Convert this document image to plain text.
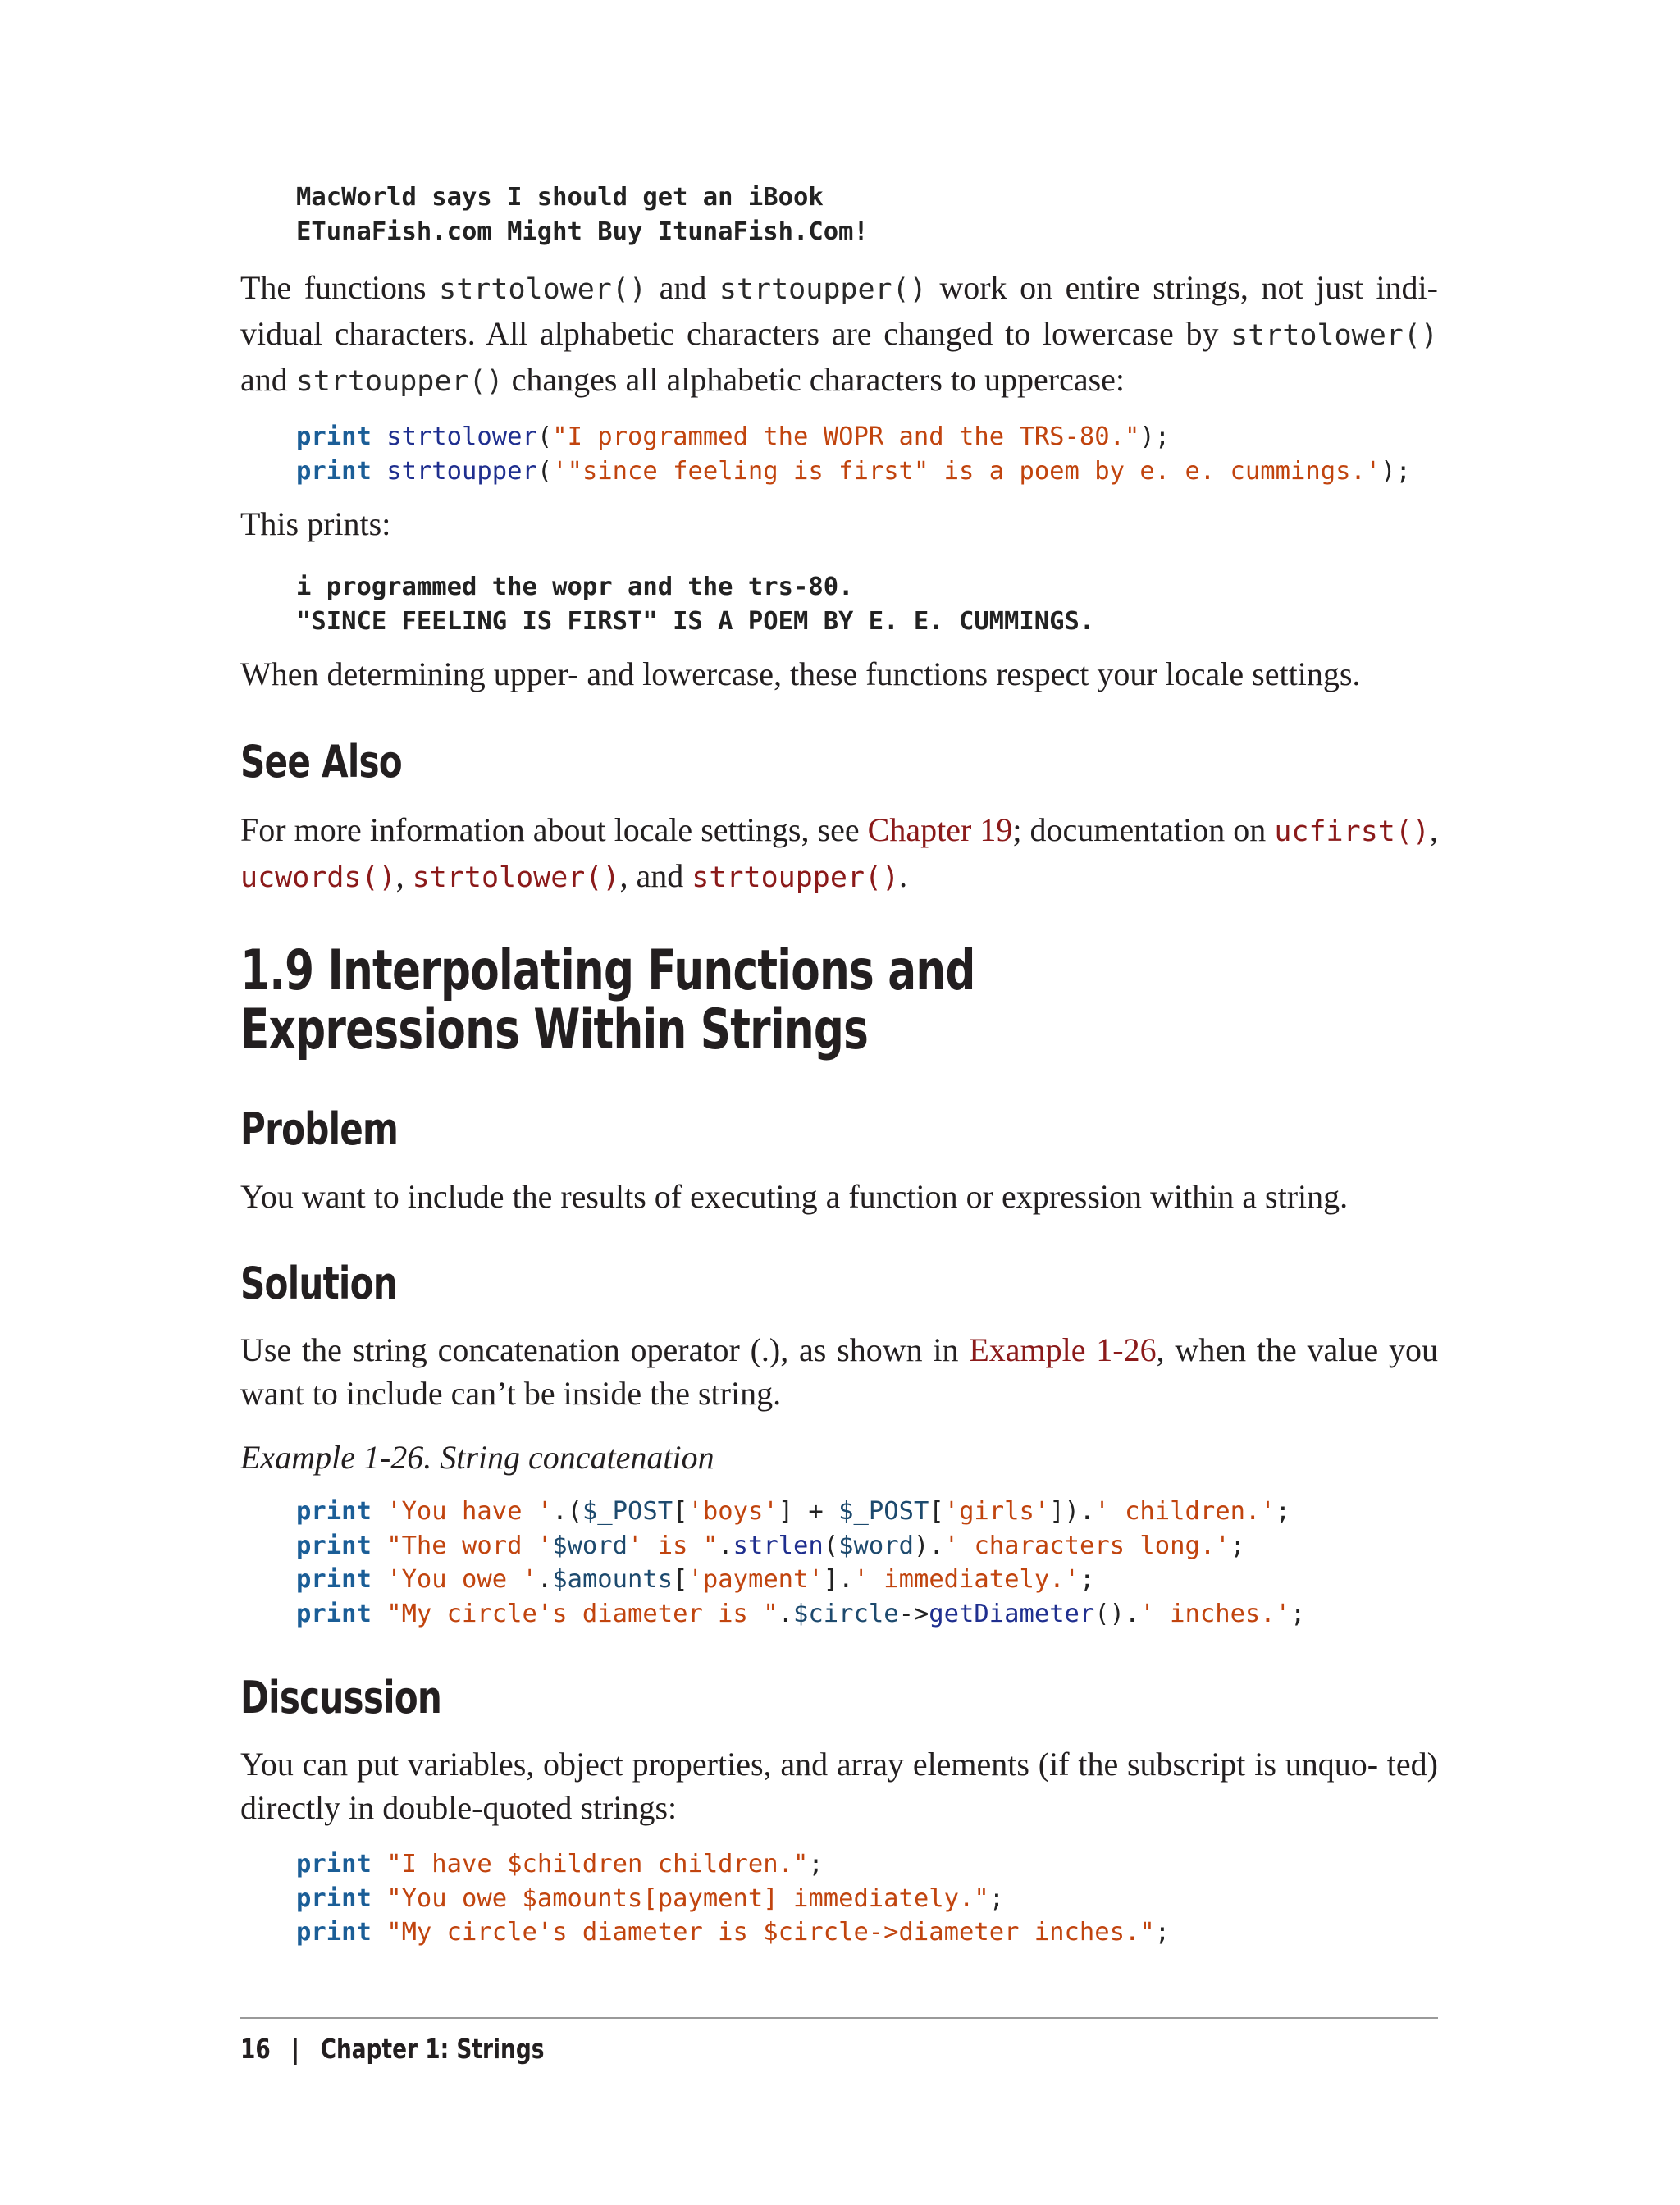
MacWorld says I should get an iBook
ETunaFish.com Might Buy ItunaFish.Com!

The functions strtolower() and strtoupper() work on entire strings, not just indi- vidual characters. All alphabetic characters are changed to lowercase by strtolower() and strtoupper() changes all alphabetic characters to uppercase:

print strtolower("I programmed the WOPR and the TRS-80.");
print strtoupper('"since feeling is first" is a poem by e. e. cummings.');

This prints:

i programmed the wopr and the trs-80.
"SINCE FEELING IS FIRST" IS A POEM BY E. E. CUMMINGS.

When determining upper- and lowercase, these functions respect your locale settings.

See Also

For more information about locale settings, see Chapter 19; documentation on ucfirst(), ucwords(), strtolower(), and strtoupper().

1.9 Interpolating Functions and Expressions Within Strings
Problem

You want to include the results of executing a function or expression within a string.

Solution

Use the string concatenation operator (.), as shown in Example 1-26, when the value you want to include can’t be inside the string.

Example 1-26. String concatenation

print 'You have '.($_POST['boys'] + $_POST['girls']).' children.';
print "The word '$word' is ".strlen($word).' characters long.';
print 'You owe '.$amounts['payment'].' immediately.';
print "My circle's diameter is ".$circle->getDiameter().' inches.';
Discussion

You can put variables, object properties, and array elements (if the subscript is unquo- ted) directly in double-quoted strings:

print "I have $children children.";
print "You owe $amounts[payment] immediately.";
print "My circle's diameter is $circle->diameter inches.";
16 | Chapter 1: Strings
